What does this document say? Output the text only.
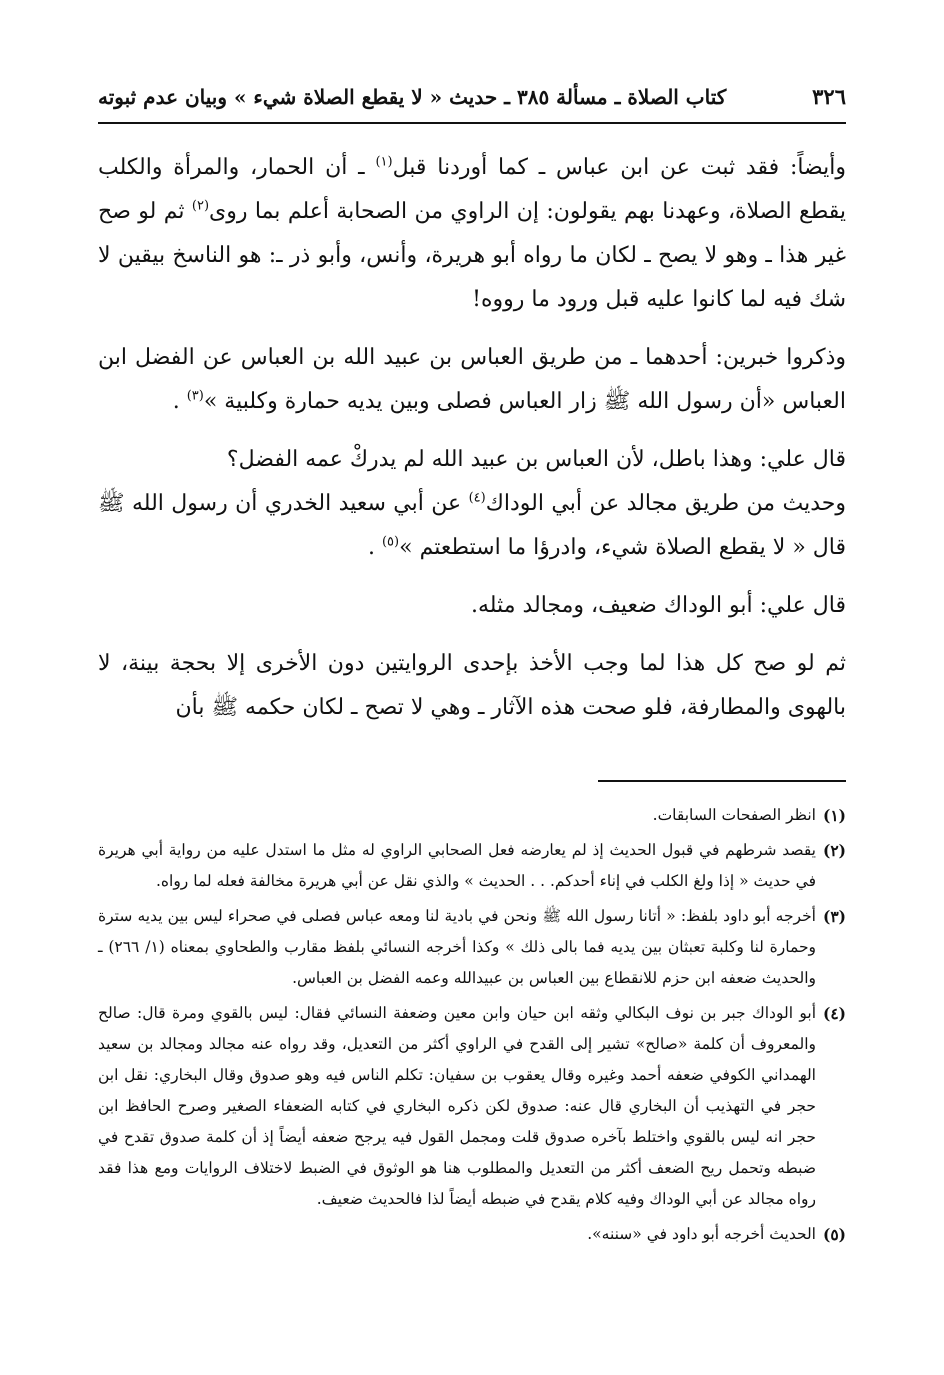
٣٢٦
كتاب الصلاة ـ مسألة ٣٨٥ ـ حديث « لا يقطع الصلاة شيء » وبيان عدم ثبوته

وأيضاً: فقد ثبت عن ابن عباس ـ كما أوردنا قبل$^{(١)}$ ـ أن الحمار، والمرأة والكلب يقطع الصلاة، وعهدنا بهم يقولون: إن الراوي من الصحابة أعلم بما روى$^{(٢)}$ ثم لو صح غير هذا ـ وهو لا يصح ـ لكان ما رواه أبو هريرة، وأنس، وأبو ذر ـ: هو الناسخ بيقين لا شك فيه لما كانوا عليه قبل ورود ما رووه!

وذكروا خبرين: أحدهما ـ من طريق العباس بن عبيد الله بن العباس عن الفضل ابن العباس «أن رسول الله ﷺ زار العباس فصلى وبين يديه حمارة وكلبية »$^{(٣)}$ .

قال علي: وهذا باطل، لأن العباس بن عبيد الله لم يدركْ عمه الفضل؟

وحديث من طريق مجالد عن أبي الوداك$^{(٤)}$ عن أبي سعيد الخدري أن رسول الله ﷺ قال « لا يقطع الصلاة شيء، وادرؤا ما استطعتم »$^{(٥)}$ .

قال علي: أبو الوداك ضعيف، ومجالد مثله.

ثم لو صح كل هذا لما وجب الأخذ بإحدى الروايتين دون الأخرى إلا بحجة بينة، لا بالهوى والمطارفة، فلو صحت هذه الآثار ـ وهي لا تصح ـ لكان حكمه ﷺ بأن

(١)
انظر الصفحات السابقات.
(٢)
يقصد شرطهم في قبول الحديث إذ لم يعارضه فعل الصحابي الراوي له مثل ما استدل عليه من رواية أبي هريرة في حديث « إذا ولغ الكلب في إناء أحدكم. . . الحديث » والذي نقل عن أبي هريرة مخالفة فعله لما رواه.
(٣)
أخرجه أبو داود بلفظ: « أتانا رسول الله ﷺ ونحن في بادية لنا ومعه عباس فصلى في صحراء ليس بين يديه سترة وحمارة لنا وكلبة تعبثان بين يديه فما بالى ذلك » وكذا أخرجه النسائي بلفظ مقارب والطحاوي بمعناه (١/ ٢٦٦) ـ والحديث ضعفه ابن حزم للانقطاع بين العباس بن عبيدالله وعمه الفضل بن العباس.
(٤)
أبو الوداك جبر بن نوف البكالي وثقه ابن حيان وابن معين وضعفة النسائي فقال: ليس بالقوي ومرة قال: صالح والمعروف أن كلمة «صالح» تشير إلى القدح في الراوي أكثر من التعديل، وقد رواه عنه مجالد ومجالد بن سعيد الهمداني الكوفي ضعفه أحمد وغيره وقال يعقوب بن سفيان: تكلم الناس فيه وهو صدوق وقال البخاري: نقل ابن حجر في التهذيب أن البخاري قال عنه: صدوق لكن ذكره البخاري في كتابه الضعفاء الصغير وصرح الحافظ ابن حجر انه ليس بالقوي واختلط بآخره صدوق قلت ومجمل القول فيه يرجح ضعفه أيضاً إذ أن كلمة صدوق تقدح في ضبطه وتحمل ريح الضعف أكثر من التعديل والمطلوب هنا هو الوثوق في الضبط لاختلاف الروايات ومع هذا فقد رواه مجالد عن أبي الوداك وفيه كلام يقدح في ضبطه أيضاً لذا فالحديث ضعيف.
(٥)
الحديث أخرجه أبو داود في «سننه».
